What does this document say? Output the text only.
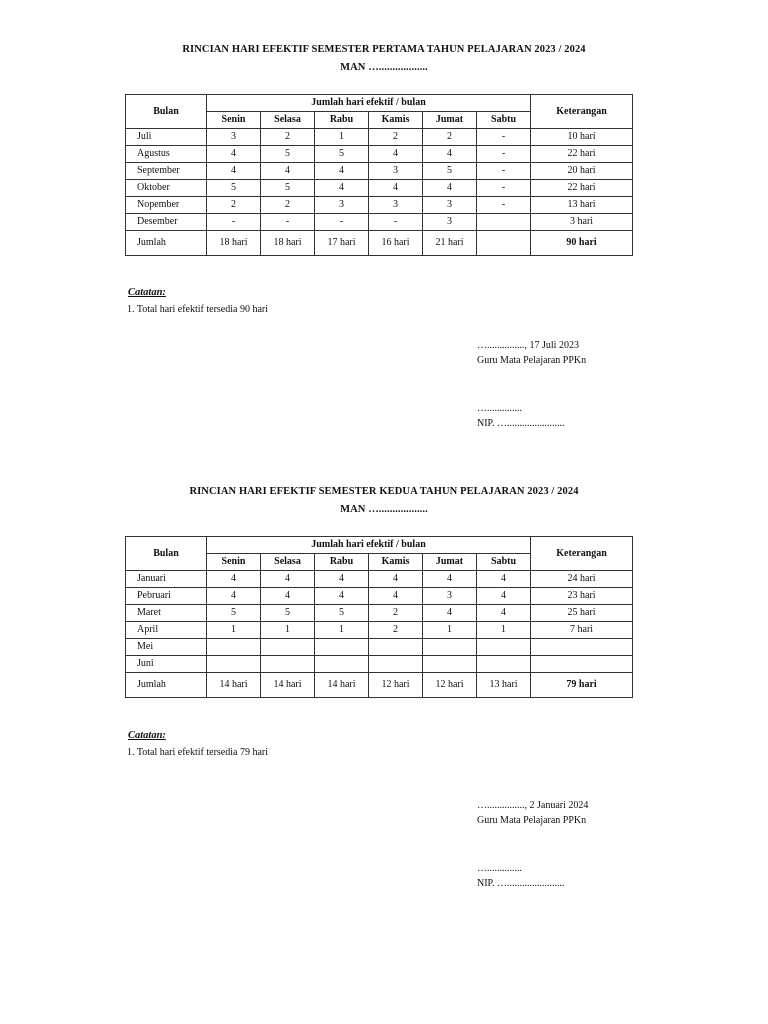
RINCIAN HARI EFEKTIF SEMESTER PERTAMA TAHUN PELAJARAN 2023 / 2024
MAN …..................
Bulan	Jumlah hari efektif / bulan						Keterangan
	Senin	Selasa	Rabu	Kamis	Jumat	Sabtu	
Juli	3	2	1	2	2	-	10 hari
Agustus	4	5	5	4	4	-	22 hari
September	4	4	4	3	5	-	20 hari
Oktober	5	5	4	4	4	-	22 hari
Nopember	2	2	3	3	3	-	13 hari
Desember	-	-	-	-	3		3 hari
Jumlah	18 hari	18 hari	17 hari	16 hari	21 hari		90 hari
Catatan:
1. Total hari efektif tersedia 90 hari
…..............., 17 Juli 2023
Guru Mata Pelajaran PPKn
…..............
NIP. ….......................
RINCIAN HARI EFEKTIF SEMESTER KEDUA TAHUN PELAJARAN 2023 / 2024
MAN …..................
Bulan	Jumlah hari efektif / bulan						Keterangan
	Senin	Selasa	Rabu	Kamis	Jumat	Sabtu	
Januari	4	4	4	4	4	4	24 hari
Pebruari	4	4	4	4	3	4	23 hari
Maret	5	5	5	2	4	4	25 hari
April	1	1	1	2	1	1	7 hari
Mei							
Juni							
Jumlah	14 hari	14 hari	14 hari	12 hari	12 hari	13 hari	79 hari
Catatan:
1. Total hari efektif tersedia 79 hari
…..............., 2 Januari 2024
Guru Mata Pelajaran PPKn
…..............
NIP. ….......................
